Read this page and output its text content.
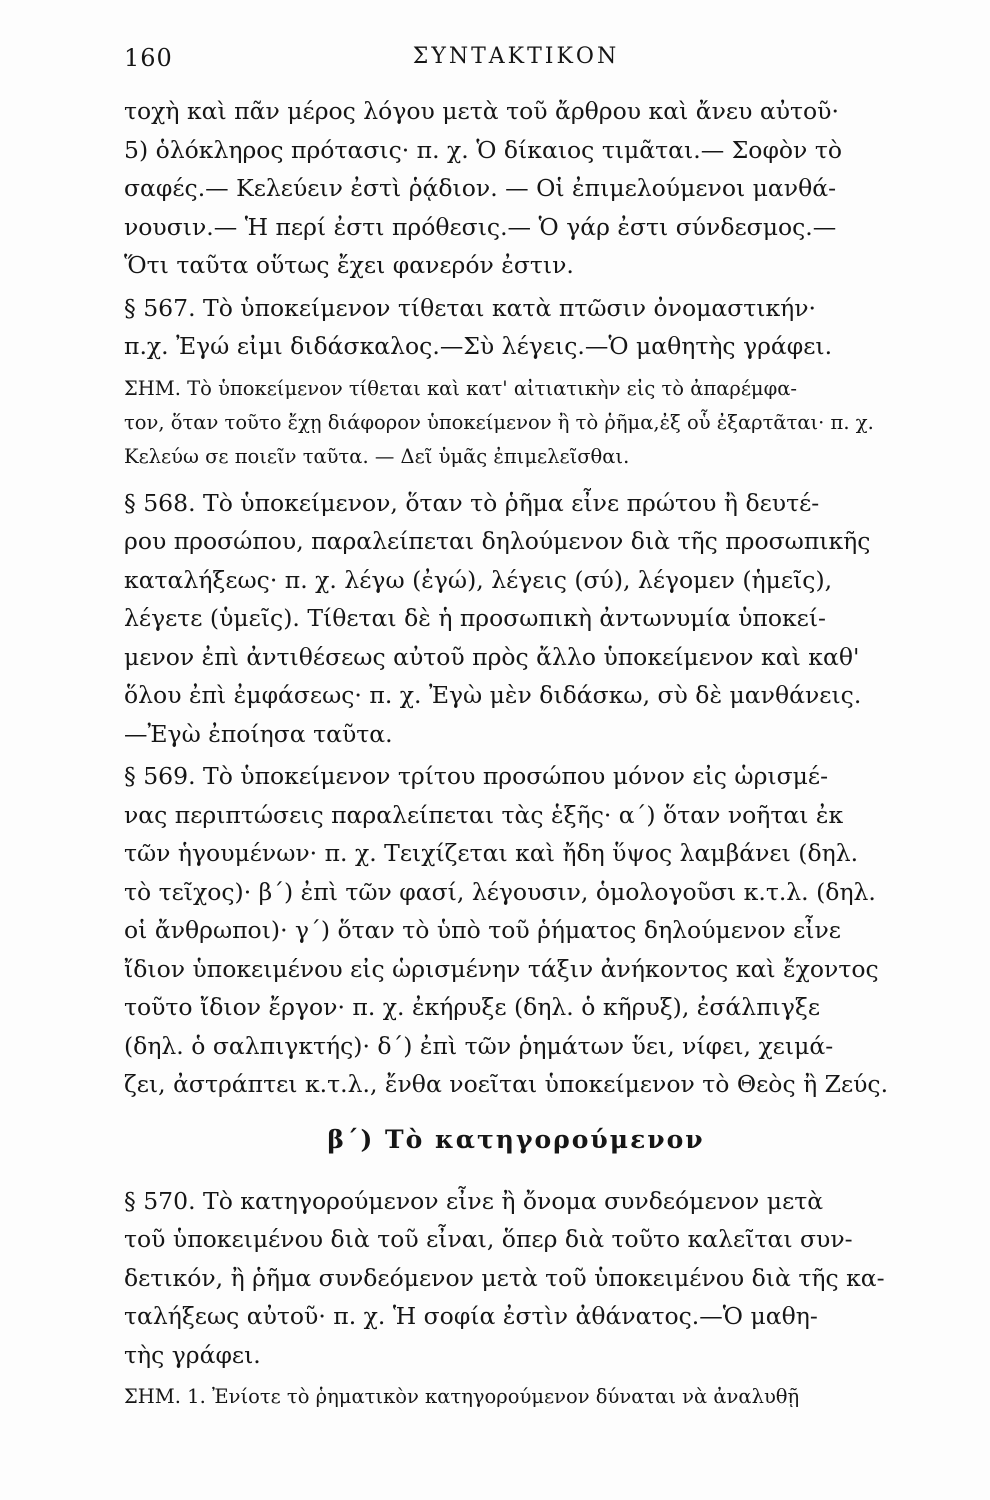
160	ΣΥΝΤΑΚΤΙΚΟΝ
τοχὴ καὶ πᾶν μέρος λόγου μετὰ τοῦ ἄρθρου καὶ ἄνευ αὐτοῦ·
5) ὁλόκληρος πρότασις· π. χ. Ὁ δίκαιος τιμᾶται.— Σοφὸν τὸ
σαφές.— Κελεύειν ἐστὶ ῥᾴδιον. — Οἱ ἐπιμελούμενοι μανθά-
νουσιν.— Ἡ περί ἐστι πρόθεσις.— Ὁ γάρ ἐστι σύνδεσμος.—
Ὅτι ταῦτα οὕτως ἔχει φανερόν ἐστιν.
§ 567. Τὸ ὑποκείμενον τίθεται κατὰ πτῶσιν ὀνομαστικήν·
π.χ. Ἐγώ εἰμι διδάσκαλος.—Σὺ λέγεις.—Ὁ μαθητὴς γράφει.
ΣΗΜ. Τὸ ὑποκείμενον τίθεται καὶ κατ' αἰτιατικὴν εἰς τὸ ἀπαρέμφα-
τον, ὅταν τοῦτο ἔχῃ διάφορον ὑποκείμενον ἢ τὸ ῥῆμα,ἐξ οὗ ἐξαρτᾶται· π. χ.
Κελεύω σε ποιεῖν ταῦτα. — Δεῖ ὑμᾶς ἐπιμελεῖσθαι.
§ 568. Τὸ ὑποκείμενον, ὅταν τὸ ῥῆμα εἶνε πρώτου ἢ δευτέ-
ρου προσώπου, παραλείπεται δηλούμενον διὰ τῆς προσωπικῆς
καταλήξεως· π. χ. λέγω (ἐγώ), λέγεις (σύ), λέγομεν (ἡμεῖς),
λέγετε (ὑμεῖς). Τίθεται δὲ ἡ προσωπικὴ ἀντωνυμία ὑποκεί-
μενον ἐπὶ ἀντιθέσεως αὐτοῦ πρὸς ἄλλο ὑποκείμενον καὶ καθ'
ὅλου ἐπὶ ἐμφάσεως· π. χ. Ἐγὼ μὲν διδάσκω, σὺ δὲ μανθάνεις.
—Ἐγὼ ἐποίησα ταῦτα.
§ 569. Τὸ ὑποκείμενον τρίτου προσώπου μόνον εἰς ὡρισμέ-
νας περιπτώσεις παραλείπεται τὰς ἑξῆς· α΄) ὅταν νοῆται ἐκ
τῶν ἡγουμένων· π. χ. Τειχίζεται καὶ ἤδη ὕψος λαμβάνει (δηλ.
τὸ τεῖχος)· β΄) ἐπὶ τῶν φασί, λέγουσιν, ὁμολογοῦσι κ.τ.λ. (δηλ.
οἱ ἄνθρωποι)· γ΄) ὅταν τὸ ὑπὸ τοῦ ῥήματος δηλούμενον εἶνε
ἴδιον ὑποκειμένου εἰς ὡρισμένην τάξιν ἀνήκοντος καὶ ἔχοντος
τοῦτο ἴδιον ἔργον· π. χ. ἐκήρυξε (δηλ. ὁ κῆρυξ), ἐσάλπιγξε
(δηλ. ὁ σαλπιγκτής)· δ΄) ἐπὶ τῶν ῥημάτων ὕει, νίφει, χειμά-
ζει, ἀστράπτει κ.τ.λ., ἔνθα νοεῖται ὑποκείμενον τὸ Θεὸς ἢ Ζεύς.
β΄) Τὸ κατηγορούμενον
§ 570. Τὸ κατηγορούμενον εἶνε ἢ ὄνομα συνδεόμενον μετὰ
τοῦ ὑποκειμένου διὰ τοῦ εἶναι, ὅπερ διὰ τοῦτο καλεῖται συν-
δετικόν, ἢ ῥῆμα συνδεόμενον μετὰ τοῦ ὑποκειμένου διὰ τῆς κα-
ταλήξεως αὐτοῦ· π. χ. Ἡ σοφία ἐστὶν ἀθάνατος.—Ὁ μαθη-
τὴς γράφει.
ΣΗΜ. 1. Ἐνίοτε τὸ ῥηματικὸν κατηγορούμενον δύναται νὰ ἀναλυθῇ
